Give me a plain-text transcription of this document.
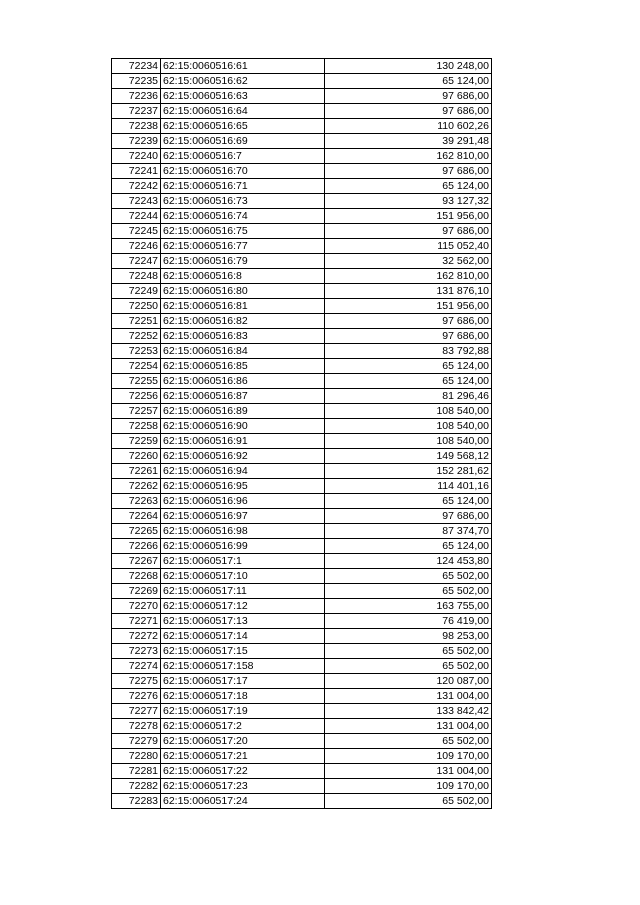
72234	62:15:0060516:61	130 248,00
72235	62:15:0060516:62	65 124,00
72236	62:15:0060516:63	97 686,00
72237	62:15:0060516:64	97 686,00
72238	62:15:0060516:65	110 602,26
72239	62:15:0060516:69	39 291,48
72240	62:15:0060516:7	162 810,00
72241	62:15:0060516:70	97 686,00
72242	62:15:0060516:71	65 124,00
72243	62:15:0060516:73	93 127,32
72244	62:15:0060516:74	151 956,00
72245	62:15:0060516:75	97 686,00
72246	62:15:0060516:77	115 052,40
72247	62:15:0060516:79	32 562,00
72248	62:15:0060516:8	162 810,00
72249	62:15:0060516:80	131 876,10
72250	62:15:0060516:81	151 956,00
72251	62:15:0060516:82	97 686,00
72252	62:15:0060516:83	97 686,00
72253	62:15:0060516:84	83 792,88
72254	62:15:0060516:85	65 124,00
72255	62:15:0060516:86	65 124,00
72256	62:15:0060516:87	81 296,46
72257	62:15:0060516:89	108 540,00
72258	62:15:0060516:90	108 540,00
72259	62:15:0060516:91	108 540,00
72260	62:15:0060516:92	149 568,12
72261	62:15:0060516:94	152 281,62
72262	62:15:0060516:95	114 401,16
72263	62:15:0060516:96	65 124,00
72264	62:15:0060516:97	97 686,00
72265	62:15:0060516:98	87 374,70
72266	62:15:0060516:99	65 124,00
72267	62:15:0060517:1	124 453,80
72268	62:15:0060517:10	65 502,00
72269	62:15:0060517:11	65 502,00
72270	62:15:0060517:12	163 755,00
72271	62:15:0060517:13	76 419,00
72272	62:15:0060517:14	98 253,00
72273	62:15:0060517:15	65 502,00
72274	62:15:0060517:158	65 502,00
72275	62:15:0060517:17	120 087,00
72276	62:15:0060517:18	131 004,00
72277	62:15:0060517:19	133 842,42
72278	62:15:0060517:2	131 004,00
72279	62:15:0060517:20	65 502,00
72280	62:15:0060517:21	109 170,00
72281	62:15:0060517:22	131 004,00
72282	62:15:0060517:23	109 170,00
72283	62:15:0060517:24	65 502,00
